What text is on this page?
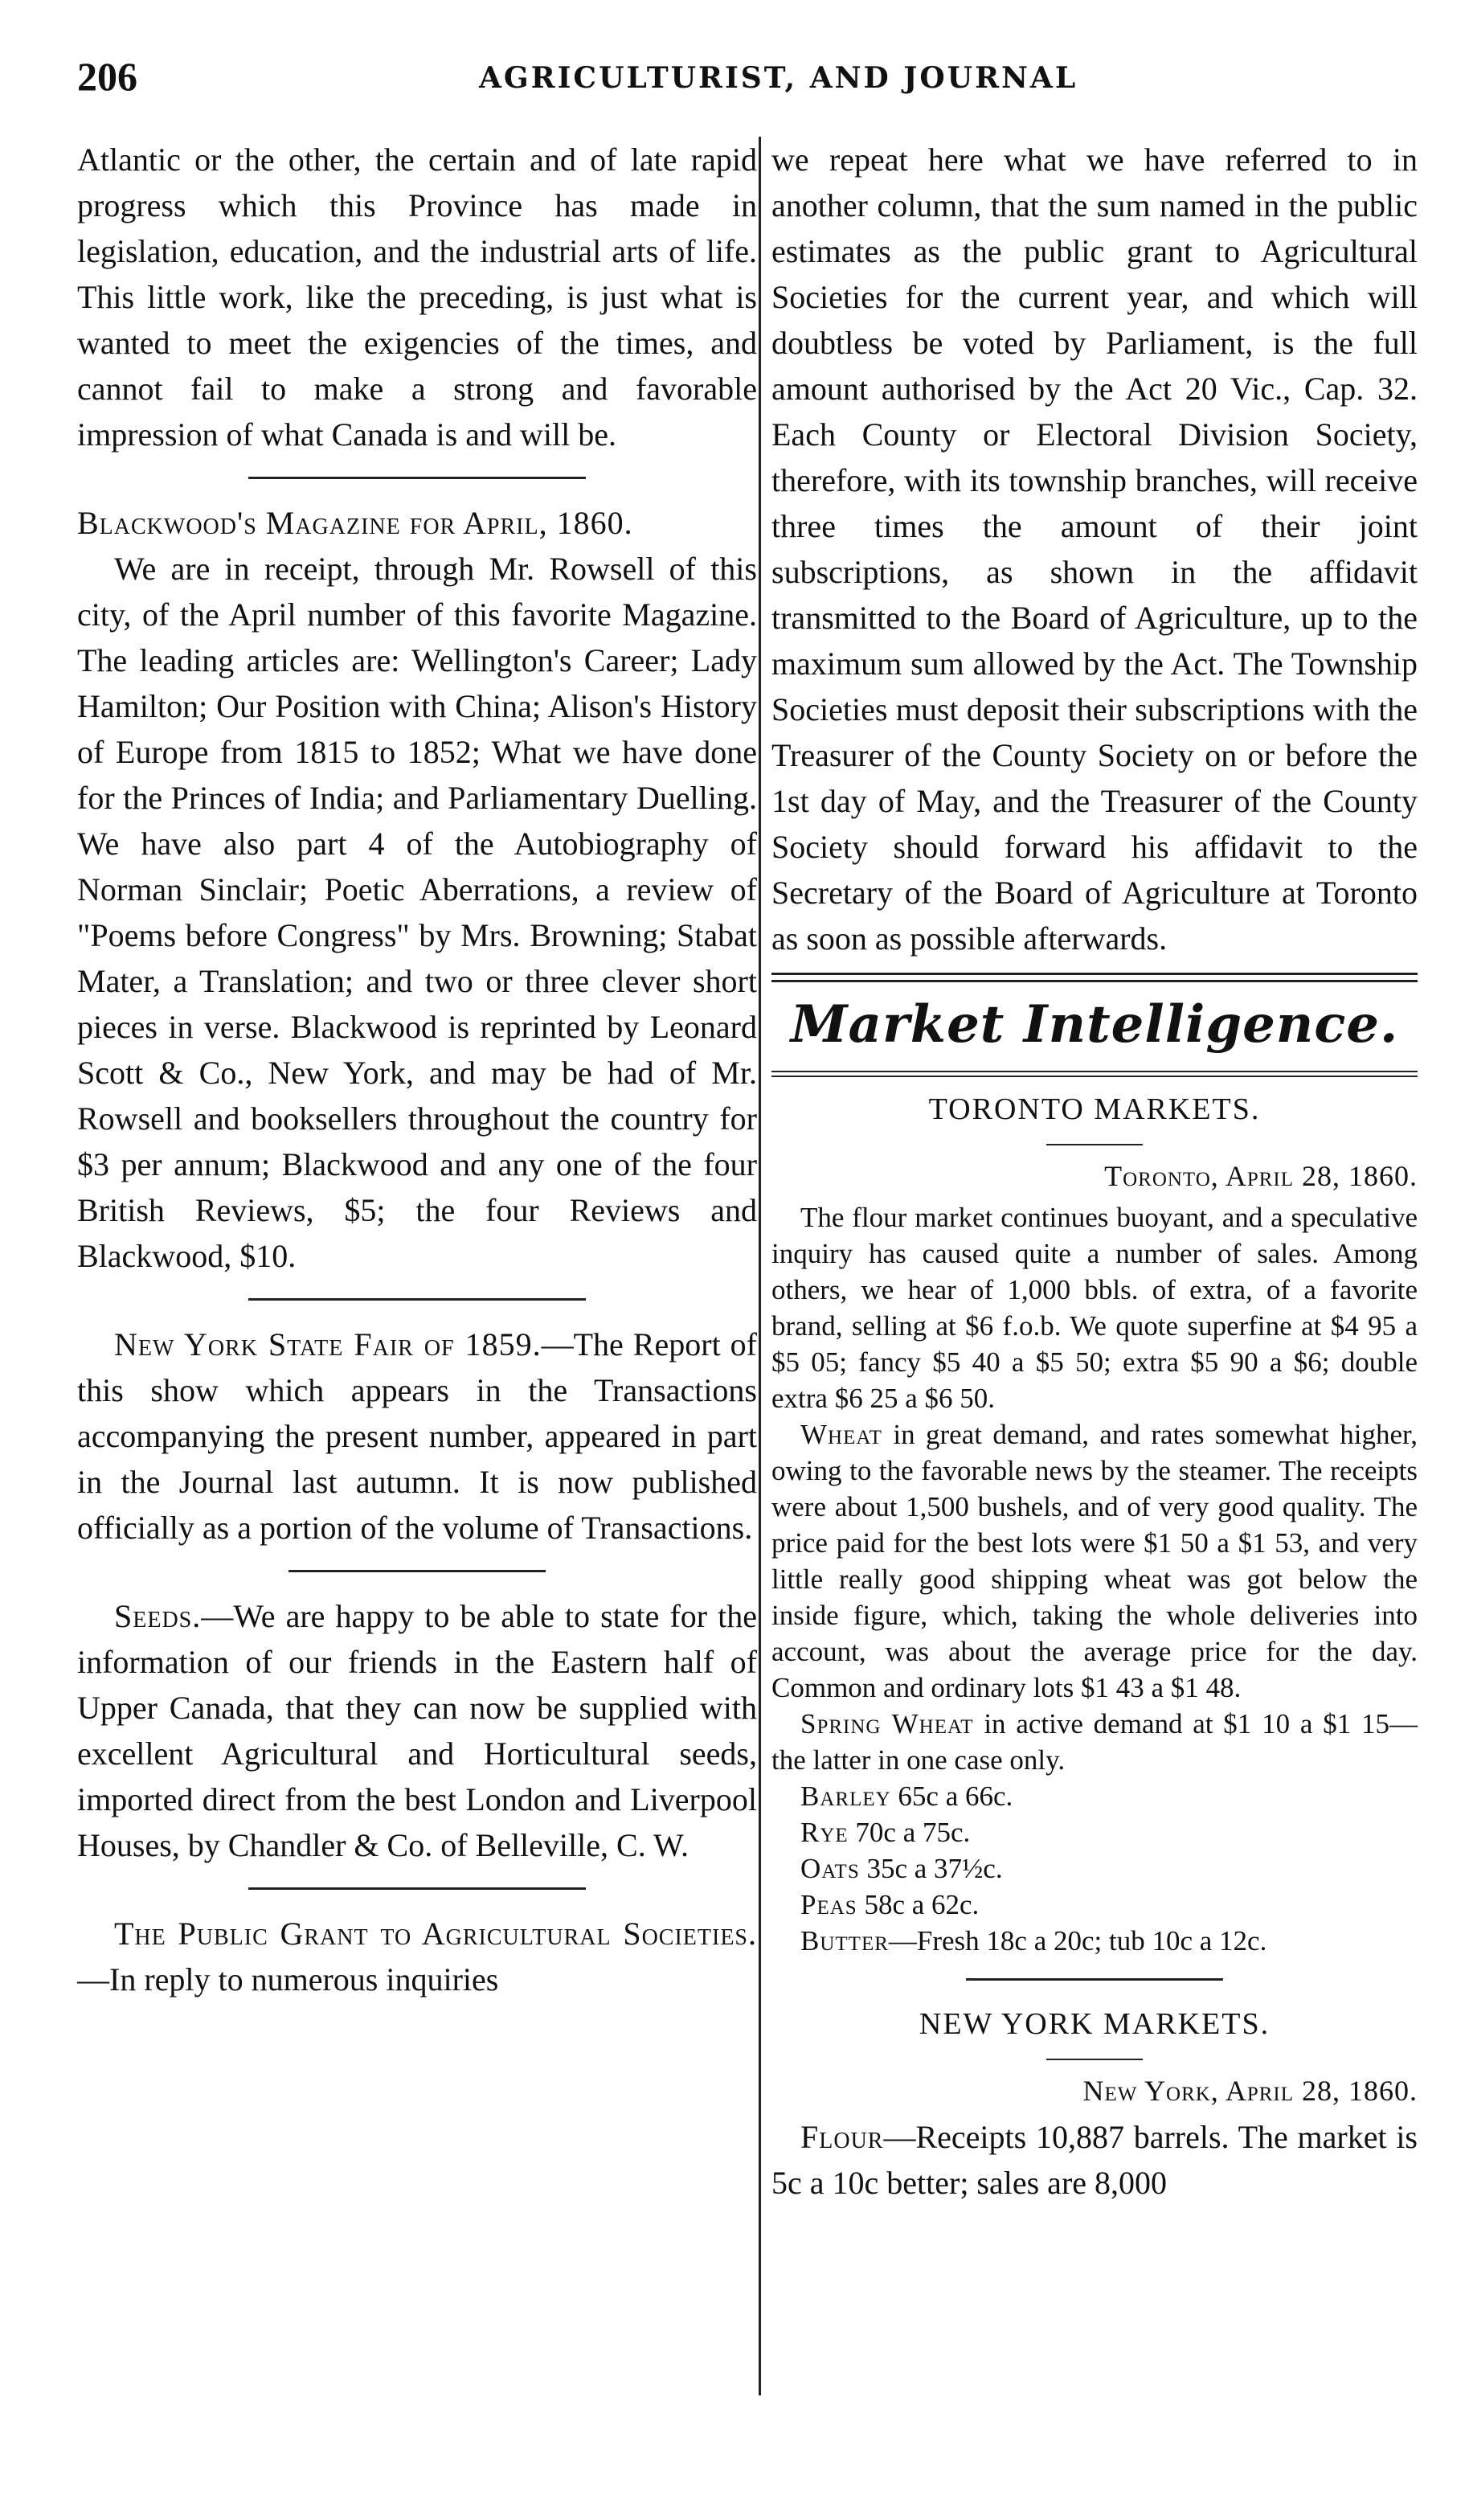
206	AGRICULTURIST, AND JOURNAL

Atlantic or the other, the certain and of late rapid progress which this Province has made in legislation, education, and the industrial arts of life. This little work, like the preceding, is just what is wanted to meet the exigencies of the times, and cannot fail to make a strong and favorable impression of what Canada is and will be.

Blackwood's Magazine for April, 1860.

We are in receipt, through Mr. Rowsell of this city, of the April number of this favorite Magazine. The leading articles are: Wellington's Career; Lady Hamilton; Our Position with China; Alison's History of Europe from 1815 to 1852; What we have done for the Princes of India; and Parliamentary Duelling. We have also part 4 of the Autobiography of Norman Sinclair; Poetic Aberrations, a review of "Poems before Congress" by Mrs. Browning; Stabat Mater, a Translation; and two or three clever short pieces in verse. Blackwood is reprinted by Leonard Scott & Co., New York, and may be had of Mr. Rowsell and booksellers throughout the country for $3 per annum; Blackwood and any one of the four British Reviews, $5; the four Reviews and Blackwood, $10.

New York State Fair of 1859.—The Report of this show which appears in the Transactions accompanying the present number, appeared in part in the Journal last autumn. It is now published officially as a portion of the volume of Transactions.

Seeds.—We are happy to be able to state for the information of our friends in the Eastern half of Upper Canada, that they can now be supplied with excellent Agricultural and Horticultural seeds, imported direct from the best London and Liverpool Houses, by Chandler & Co. of Belleville, C. W.

The Public Grant to Agricultural Societies.—In reply to numerous inquiries

we repeat here what we have referred to in another column, that the sum named in the public estimates as the public grant to Agricultural Societies for the current year, and which will doubtless be voted by Parliament, is the full amount authorised by the Act 20 Vic., Cap. 32. Each County or Electoral Division Society, therefore, with its township branches, will receive three times the amount of their joint subscriptions, as shown in the affidavit transmitted to the Board of Agriculture, up to the maximum sum allowed by the Act. The Township Societies must deposit their subscriptions with the Treasurer of the County Society on or before the 1st day of May, and the Treasurer of the County Society should forward his affidavit to the Secretary of the Board of Agriculture at Toronto as soon as possible afterwards.

Market Intelligence.
TORONTO MARKETS.
Toronto, April 28, 1860.

The flour market continues buoyant, and a speculative inquiry has caused quite a number of sales. Among others, we hear of 1,000 bbls. of extra, of a favorite brand, selling at $6 f.o.b. We quote superfine at $4 95 a $5 05; fancy $5 40 a $5 50; extra $5 90 a $6; double extra $6 25 a $6 50.

Wheat in great demand, and rates somewhat higher, owing to the favorable news by the steamer. The receipts were about 1,500 bushels, and of very good quality. The price paid for the best lots were $1 50 a $1 53, and very little really good shipping wheat was got below the inside figure, which, taking the whole deliveries into account, was about the average price for the day. Common and ordinary lots $1 43 a $1 48.

Spring Wheat in active demand at $1 10 a $1 15—the latter in one case only.

Barley 65c a 66c.

Rye 70c a 75c.

Oats 35c a 37½c.

Peas 58c a 62c.

Butter—Fresh 18c a 20c; tub 10c a 12c.

NEW YORK MARKETS.
New York, April 28, 1860.

Flour—Receipts 10,887 barrels. The market is 5c a 10c better; sales are 8,000
